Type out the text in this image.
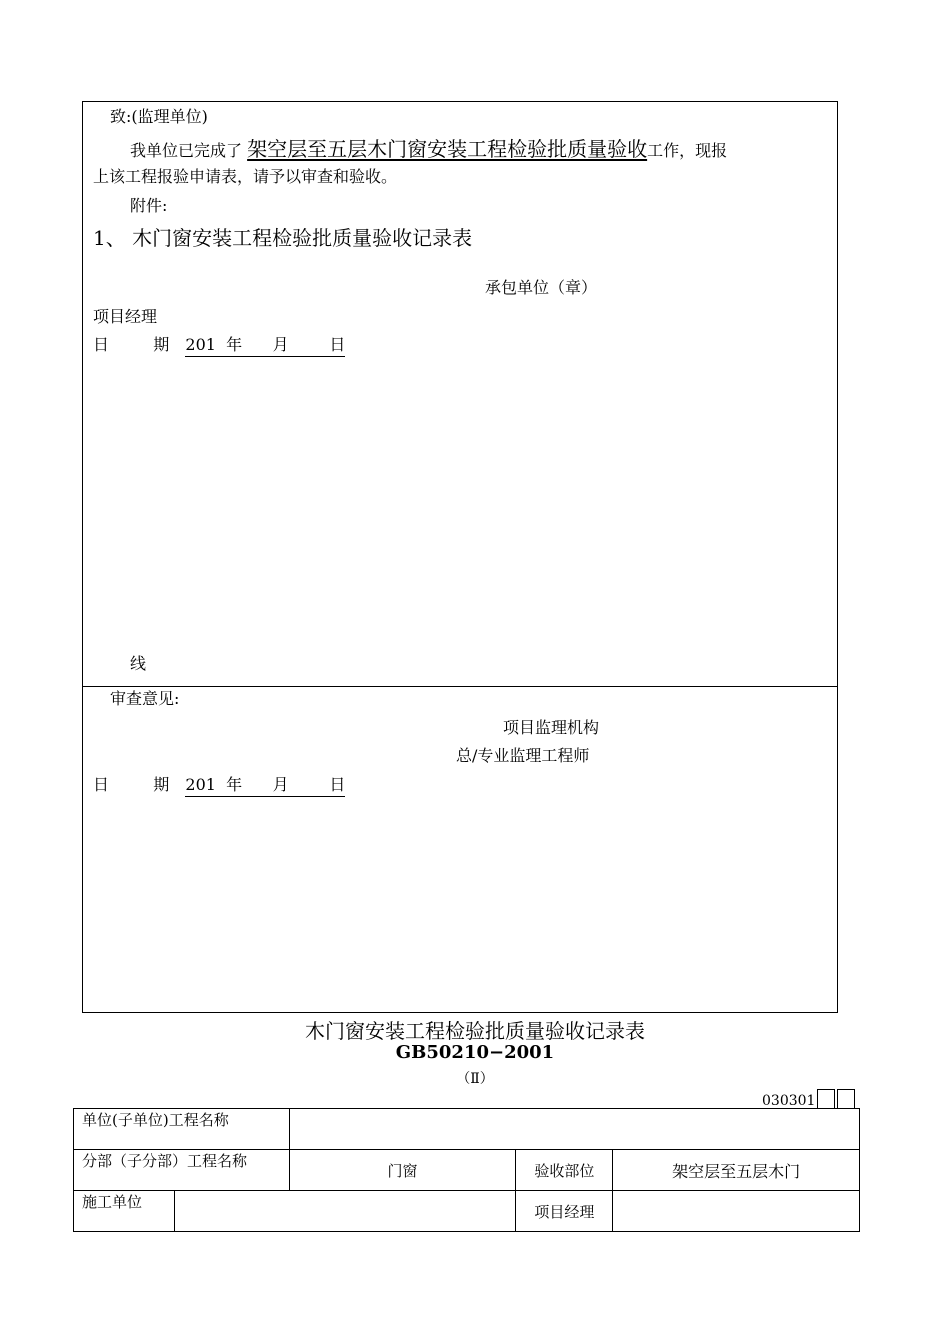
致:(监理单位)
我单位已完成了 架空层至五层木门窗安装工程检验批质量验收工作，现报
上该工程报验申请表，请予以审查和验收。
附件:
1、 木门窗安装工程检验批质量验收记录表
承包单位（章）
项目经理
日	期 201  年      月        日
线
审查意见:
项目监理机构
总/专业监理工程师
日	期 201  年      月        日
木门窗安装工程检验批质量验收记录表
GB50210−2001
（Ⅱ）
030301
单位(子单位)工程名称				
分部（子分部）工程名称		门窗	验收部位	架空层至五层木门
施工单位			项目经理	
